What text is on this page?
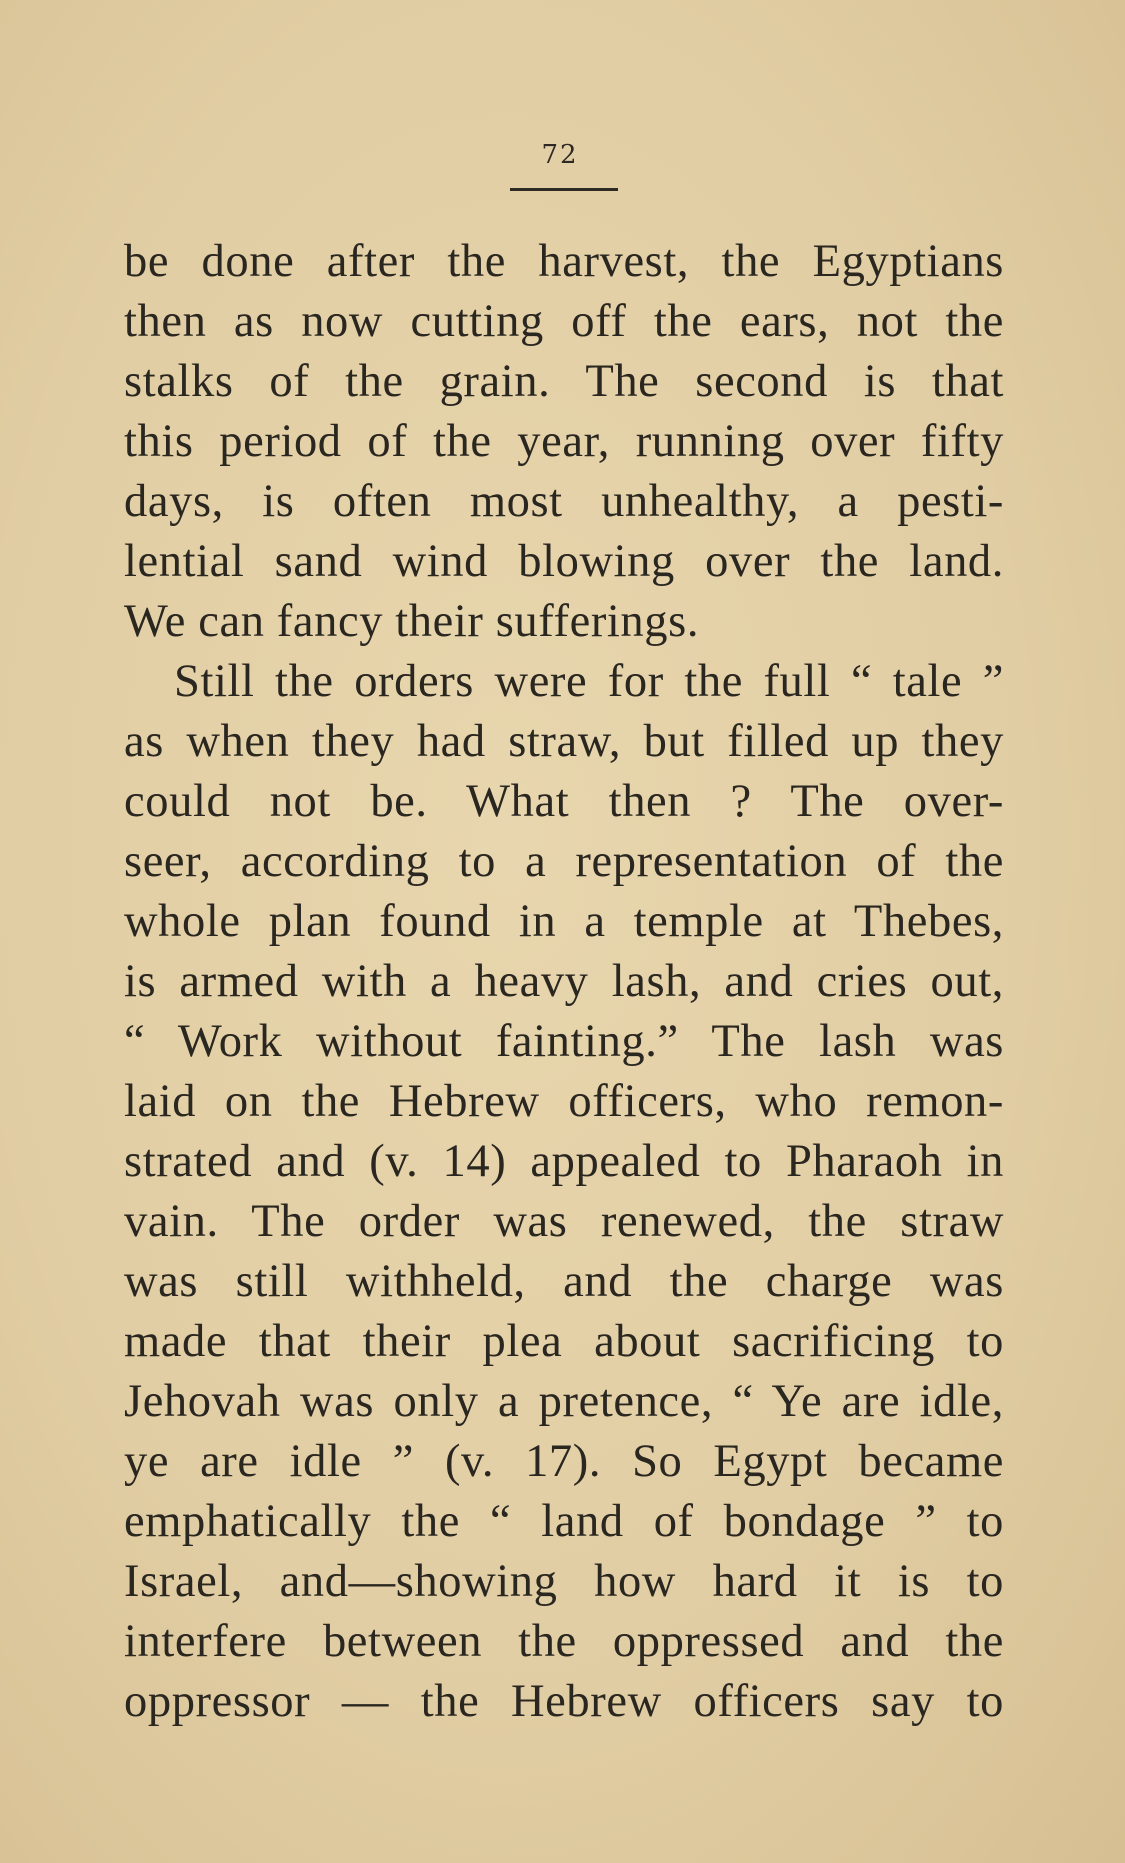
72
be done after the harvest, the Egyptians
then as now cutting off the ears, not the
stalks of the grain. The second is that
this period of the year, running over fifty
days, is often most unhealthy, a pesti-
lential sand wind blowing over the land.
We can fancy their sufferings.
Still the orders were for the full “ tale ”
as when they had straw, but filled up they
could not be. What then ? The over-
seer, according to a representation of the
whole plan found in a temple at Thebes,
is armed with a heavy lash, and cries out,
“ Work without fainting.” The lash was
laid on the Hebrew officers, who remon-
strated and (v. 14) appealed to Pharaoh in
vain. The order was renewed, the straw
was still withheld, and the charge was
made that their plea about sacrificing to
Jehovah was only a pretence, “ Ye are idle,
ye are idle ” (v. 17). So Egypt became
emphatically the “ land of bondage ” to
Israel, and—showing how hard it is to
interfere between the oppressed and the
oppressor — the Hebrew officers say to
